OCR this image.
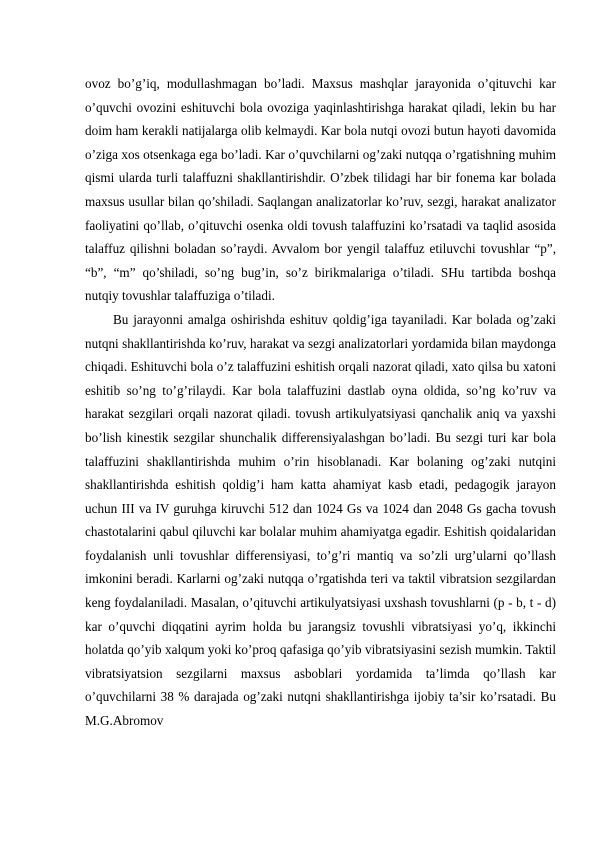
ovoz bo’g’iq, modullashmagan bo’ladi. Maxsus mashqlar jarayonida o’qituvchi kar o’quvchi ovozini eshituvchi bola ovoziga yaqinlashtirishga harakat qiladi, lekin bu har doim ham kerakli natijalarga olib kelmaydi. Kar bola nutqi ovozi butun hayoti davomida o’ziga xos otsenkaga ega bo’ladi. Kar o’quvchilarni og’zaki nutqqa o’rgatishning muhim qismi ularda turli talaffuzni shakllantirishdir. O’zbek tilidagi har bir fonema kar bolada maxsus usullar bilan qo’shiladi. Saqlangan analizatorlar ko’ruv, sezgi, harakat analizator faoliyatini qo’llab, o’qituvchi osenka oldi tovush talaffuzini ko’rsatadi va taqlid asosida talaffuz qilishni boladan so’raydi. Avvalom bor yengil talaffuz etiluvchi tovushlar “p”, “b”, “m” qo’shiladi, so’ng bug’in, so’z birikmalariga o’tiladi. SHu tartibda boshqa nutqiy tovushlar talaffuziga o’tiladi.

Bu jarayonni amalga oshirishda eshituv qoldig’iga tayaniladi. Kar bolada og’zaki nutqni shakllantirishda ko’ruv, harakat va sezgi analizatorlari yordamida bilan maydonga chiqadi. Eshituvchi bola o’z talaffuzini eshitish orqali nazorat qiladi, xato qilsa bu xatoni eshitib so’ng to’g’rilaydi. Kar bola talaffuzini dastlab oyna oldida, so’ng ko’ruv va harakat sezgilari orqali nazorat qiladi. tovush artikulyatsiyasi qanchalik aniq va yaxshi bo’lish kinestik sezgilar shunchalik differensiyalashgan bo’ladi. Bu sezgi turi kar bola talaffuzini shakllantirishda muhim o’rin hisoblanadi. Kar bolaning og’zaki nutqini shakllantirishda eshitish qoldig’i ham katta ahamiyat kasb etadi, pedagogik jarayon uchun III va IV guruhga kiruvchi 512 dan 1024 Gs va 1024 dan 2048 Gs gacha tovush chastotalarini qabul qiluvchi kar bolalar muhim ahamiyatga egadir. Eshitish qoidalaridan foydalanish unli tovushlar differensiyasi, to’g’ri mantiq va so’zli urg’ularni qo’llash imkonini beradi. Karlarni og’zaki nutqqa o’rgatishda teri va taktil vibratsion sezgilardan keng foydalaniladi. Masalan, o’qituvchi artikulyatsiyasi uxshash tovushlarni (p - b, t - d) kar o’quvchi diqqatini ayrim holda bu jarangsiz tovushli vibratsiyasi yo’q, ikkinchi holatda qo’yib xalqum yoki ko’proq qafasiga qo’yib vibratsiyasini sezish mumkin. Taktil vibratsiyatsion sezgilarni maxsus asboblari yordamida ta’limda qo’llash kar o’quvchilarni 38 % darajada og’zaki nutqni shakllantirishga ijobiy ta’sir ko’rsatadi. Bu M.G.Abromov
